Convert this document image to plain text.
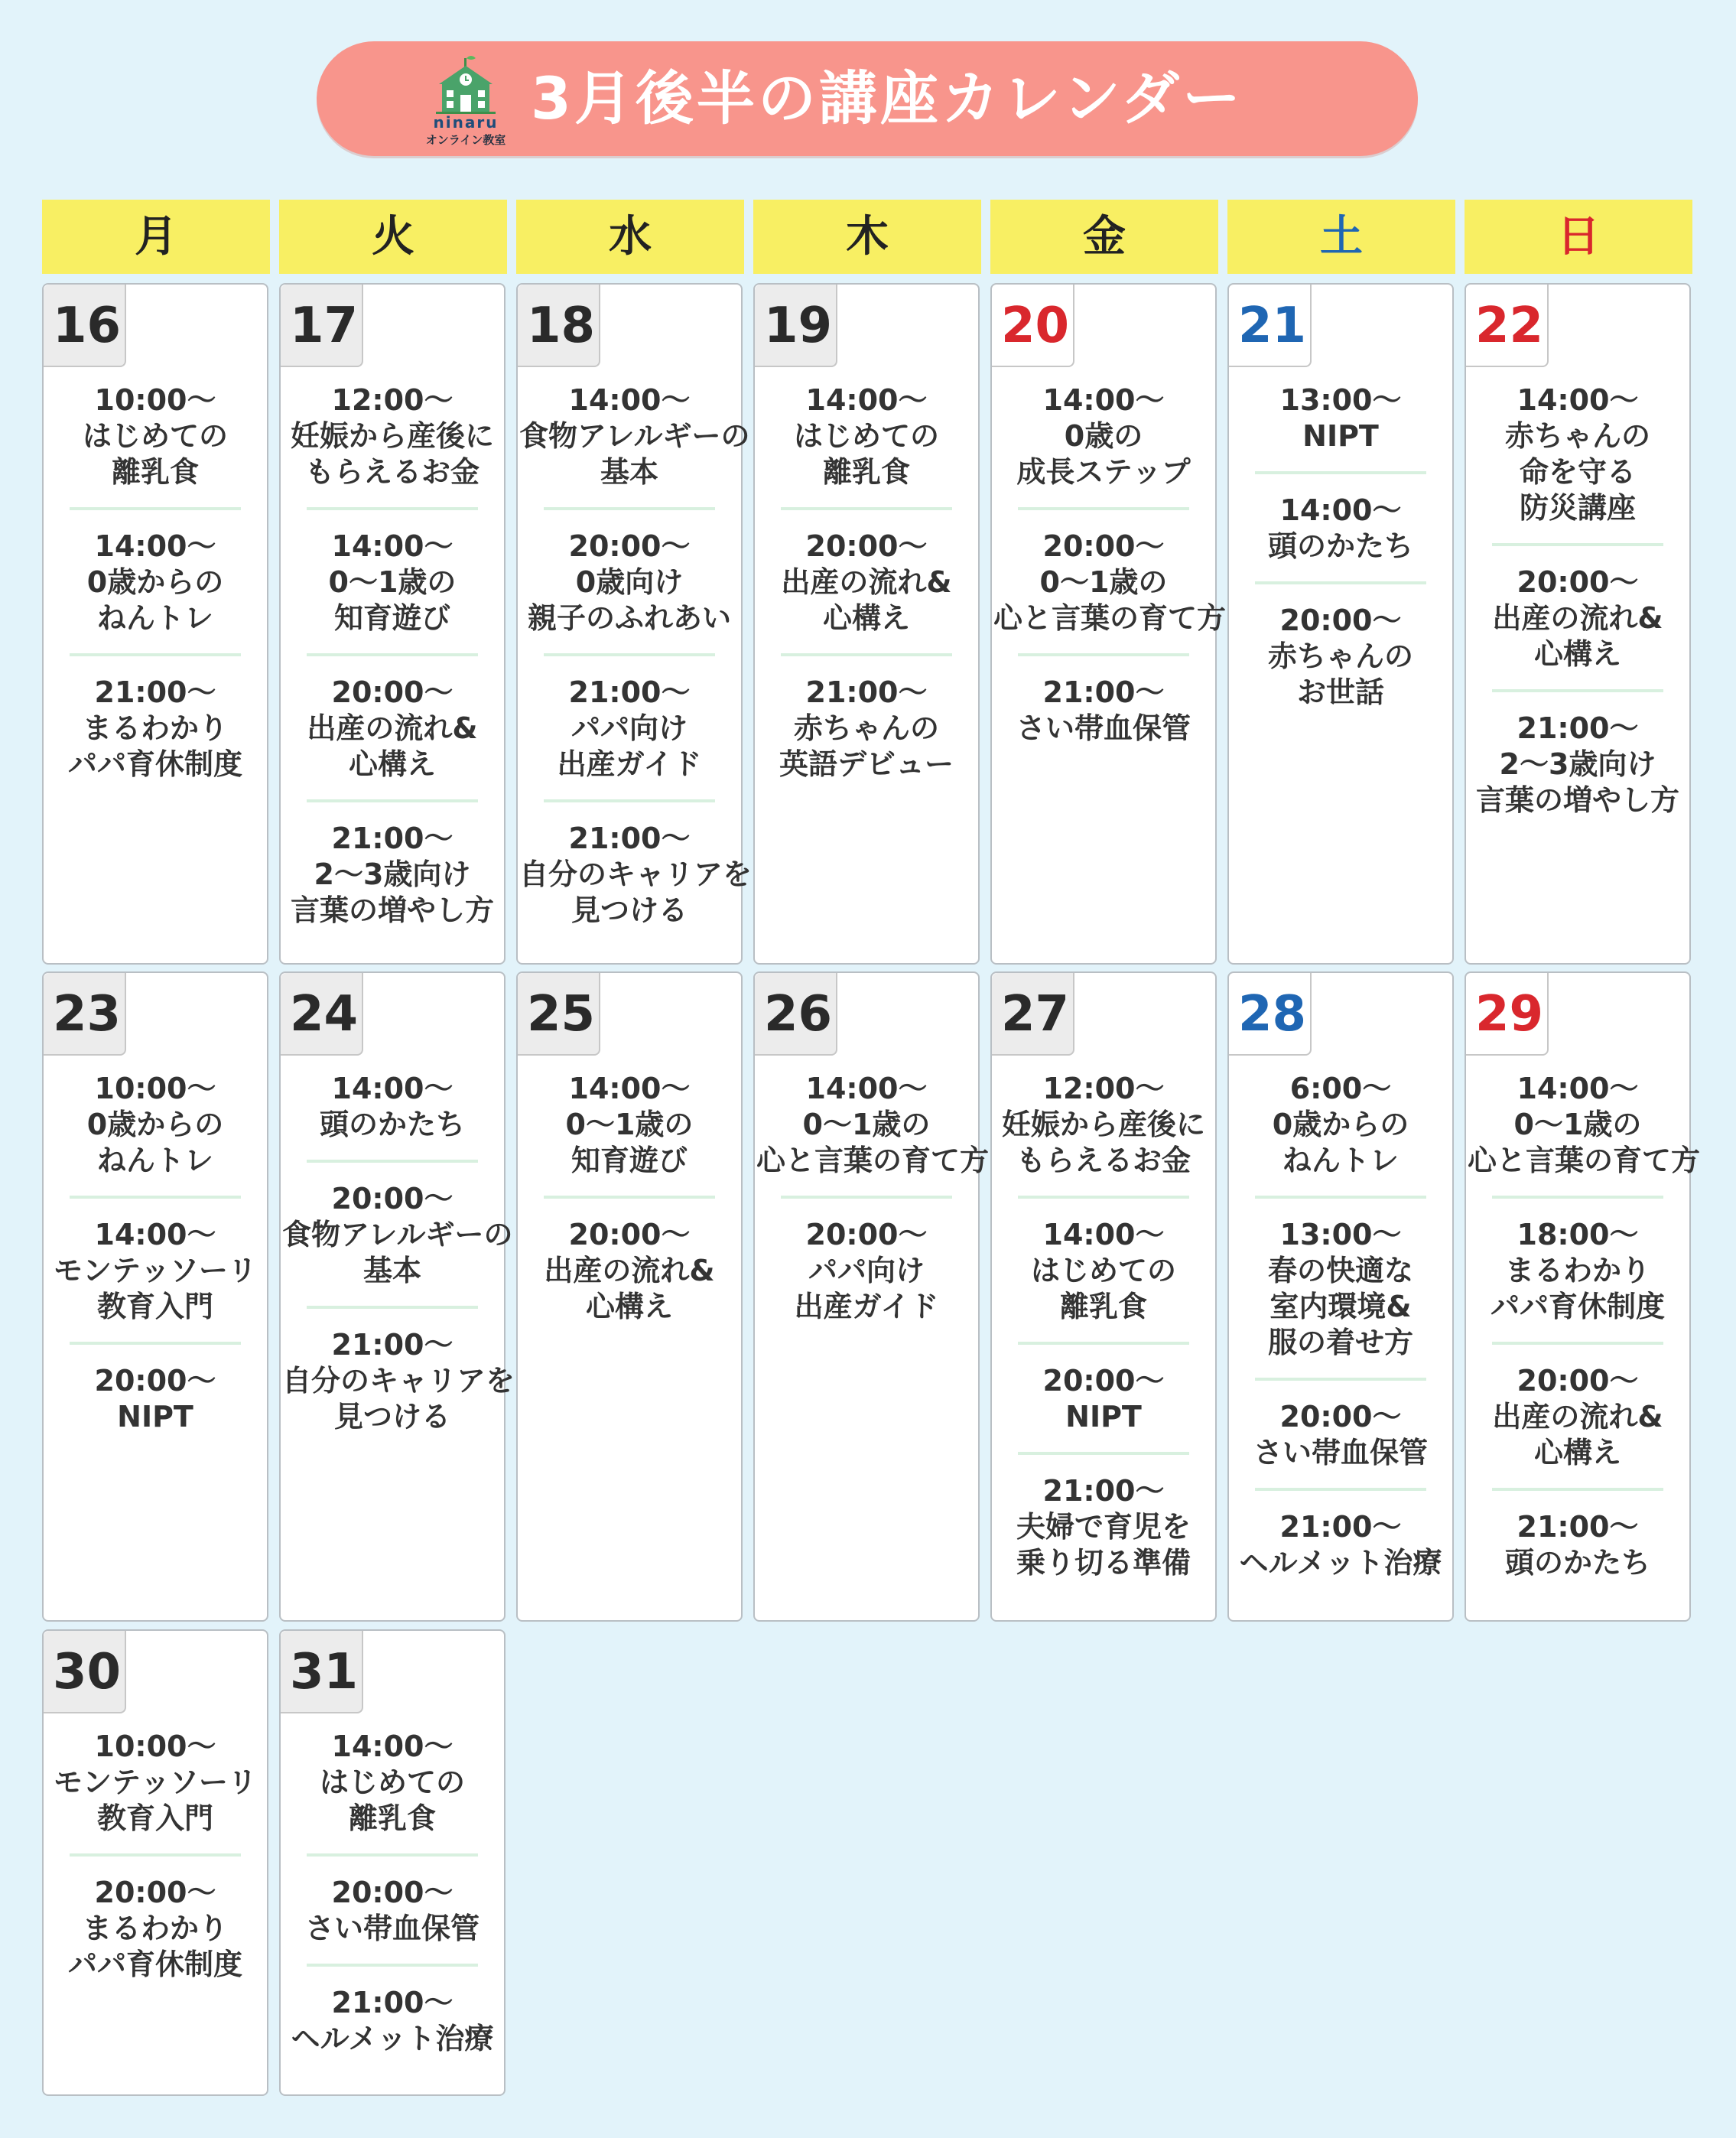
ninaru
オンライン教室
3月後半の講座カレンダー
月	火	水	木	金	土	日
16
10:00〜
はじめての
離乳食
14:00〜
0歳からの
ねんトレ
21:00〜
まるわかり
パパ育休制度
17
12:00〜
妊娠から産後に
もらえるお金
14:00〜
0〜1歳の
知育遊び
20:00〜
出産の流れ&
心構え
21:00〜
2〜3歳向け
言葉の増やし方
18
14:00〜
食物アレルギーの
基本
20:00〜
0歳向け
親子のふれあい
21:00〜
パパ向け
出産ガイド
21:00〜
自分のキャリアを
見つける
19
14:00〜
はじめての
離乳食
20:00〜
出産の流れ&
心構え
21:00〜
赤ちゃんの
英語デビュー
20
14:00〜
0歳の
成長ステップ
20:00〜
0〜1歳の
心と言葉の育て方
21:00〜
さい帯血保管
21
13:00〜
NIPT
14:00〜
頭のかたち
20:00〜
赤ちゃんの
お世話
22
14:00〜
赤ちゃんの
命を守る
防災講座
20:00〜
出産の流れ&
心構え
21:00〜
2〜3歳向け
言葉の増やし方
23
10:00〜
0歳からの
ねんトレ
14:00〜
モンテッソーリ
教育入門
20:00〜
NIPT
24
14:00〜
頭のかたち
20:00〜
食物アレルギーの
基本
21:00〜
自分のキャリアを
見つける
25
14:00〜
0〜1歳の
知育遊び
20:00〜
出産の流れ&
心構え
26
14:00〜
0〜1歳の
心と言葉の育て方
20:00〜
パパ向け
出産ガイド
27
12:00〜
妊娠から産後に
もらえるお金
14:00〜
はじめての
離乳食
20:00〜
NIPT
21:00〜
夫婦で育児を
乗り切る準備
28
6:00〜
0歳からの
ねんトレ
13:00〜
春の快適な
室内環境&
服の着せ方
20:00〜
さい帯血保管
21:00〜
ヘルメット治療
29
14:00〜
0〜1歳の
心と言葉の育て方
18:00〜
まるわかり
パパ育休制度
20:00〜
出産の流れ&
心構え
21:00〜
頭のかたち
30
10:00〜
モンテッソーリ
教育入門
20:00〜
まるわかり
パパ育休制度
31
14:00〜
はじめての
離乳食
20:00〜
さい帯血保管
21:00〜
ヘルメット治療
